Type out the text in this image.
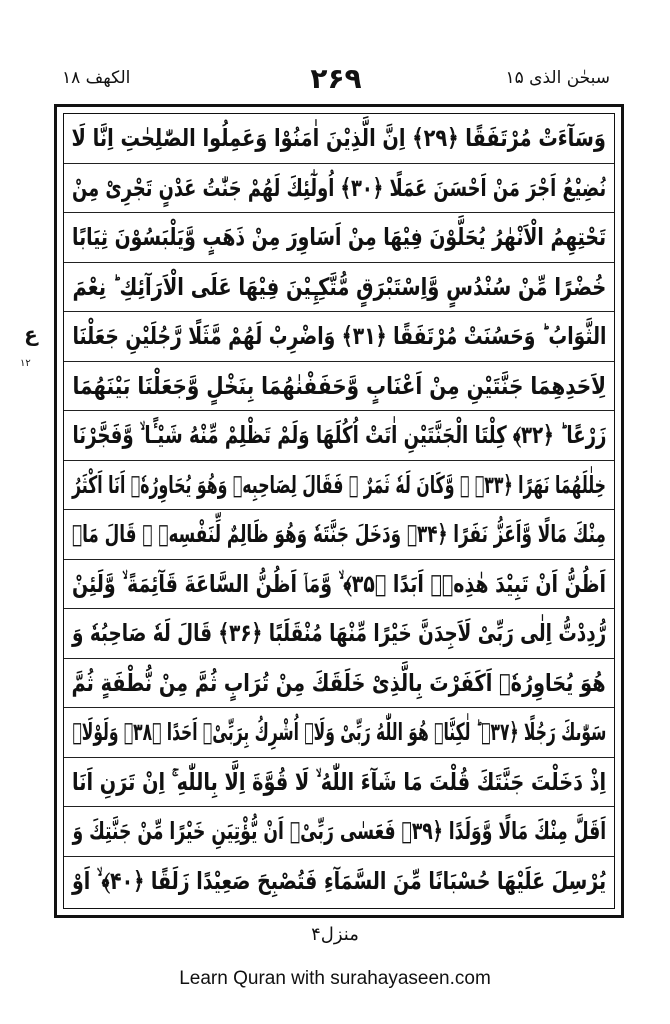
سبحٰن الذی ۱۵
۲۶۹
الکھف ۱۸
ع
۱۲
وَسَآءَتْ مُرْتَفَقًا ﴿۲۹﴾ اِنَّ الَّذِیْنَ اٰمَنُوْا وَعَمِلُوا الصّٰلِحٰتِ اِنَّا لَا
نُضِیْعُ اَجْرَ مَنْ اَحْسَنَ عَمَلًا ﴿۳۰﴾ اُولٰٓئِكَ لَهُمْ جَنّٰتُ عَدْنٍ تَجْرِیْ مِنْ
تَحْتِهِمُ الْاَنْهٰرُ یُحَلَّوْنَ فِیْهَا مِنْ اَسَاوِرَ مِنْ ذَهَبٍ وَّیَلْبَسُوْنَ ثِیَابًا
خُضْرًا مِّنْ سُنْدُسٍ وَّاِسْتَبْرَقٍ مُّتَّكِـِٕیْنَ فِیْهَا عَلَى الْاَرَآئِكِ ؕ نِعْمَ
الثَّوَابُ ؕ وَحَسُنَتْ مُرْتَفَقًا ﴿۳۱﴾ وَاضْرِبْ لَهُمْ مَّثَلًا رَّجُلَیْنِ جَعَلْنَا
لِاَحَدِهِمَا جَنَّتَیْنِ مِنْ اَعْنَابٍ وَّحَفَفْنٰهُمَا بِنَخْلٍ وَّجَعَلْنَا بَیْنَهُمَا
زَرْعًا ؕ ﴿۳۲﴾ كِلْتَا الْجَنَّتَیْنِ اٰتَتْ اُكُلَهَا وَلَمْ تَظْلِمْ مِّنْهُ شَیْـًٔا ۙ وَّفَجَّرْنَا
خِلٰلَهُمَا نَهَرًا ﴿۳۳﴾ ۙ وَّكَانَ لَهٗ ثَمَرٌ ۚ فَقَالَ لِصَاحِبِهٖ وَهُوَ یُحَاوِرُهٗۤ اَنَا اَكْثَرُ
مِنْكَ مَالًا وَّاَعَزُّ نَفَرًا ﴿۳۴﴾ وَدَخَلَ جَنَّتَهٗ وَهُوَ ظَالِمٌ لِّنَفْسِهٖ ۚ قَالَ مَاۤ
اَظُنُّ اَنْ تَبِیْدَ هٰذِهٖۤ اَبَدًا ﴿۳۵﴾ ۙ وَّمَاۤ اَظُنُّ السَّاعَةَ قَآئِمَةً ۙ وَّلَئِنْ
رُّدِدْتُّ اِلٰى رَبِّیْ لَاَجِدَنَّ خَیْرًا مِّنْهَا مُنْقَلَبًا ﴿۳۶﴾ قَالَ لَهٗ صَاحِبُهٗ وَ
هُوَ یُحَاوِرُهٗۤ اَكَفَرْتَ بِالَّذِیْ خَلَقَكَ مِنْ تُرَابٍ ثُمَّ مِنْ نُّطْفَةٍ ثُمَّ
سَوّٰىكَ رَجُلًا ﴿۳۷﴾ ؕ لٰكِنَّا۠ هُوَ اللّٰهُ رَبِّیْ وَلَاۤ اُشْرِكُ بِرَبِّیْۤ اَحَدًا ﴿۳۸﴾ وَلَوْلَاۤ
اِذْ دَخَلْتَ جَنَّتَكَ قُلْتَ مَا شَآءَ اللّٰهُ ۙ لَا قُوَّةَ اِلَّا بِاللّٰهِ ۚ اِنْ تَرَنِ اَنَا
اَقَلَّ مِنْكَ مَالًا وَّوَلَدًا ﴿۳۹﴾ فَعَسٰى رَبِّیْۤ اَنْ یُّؤْتِیَنِ خَیْرًا مِّنْ جَنَّتِكَ وَ
یُرْسِلَ عَلَیْهَا حُسْبَانًا مِّنَ السَّمَآءِ فَتُصْبِحَ صَعِیْدًا زَلَقًا ﴿۴۰﴾ ۙ اَوْ
منزل۴
Learn Quran with surahayaseen.com
